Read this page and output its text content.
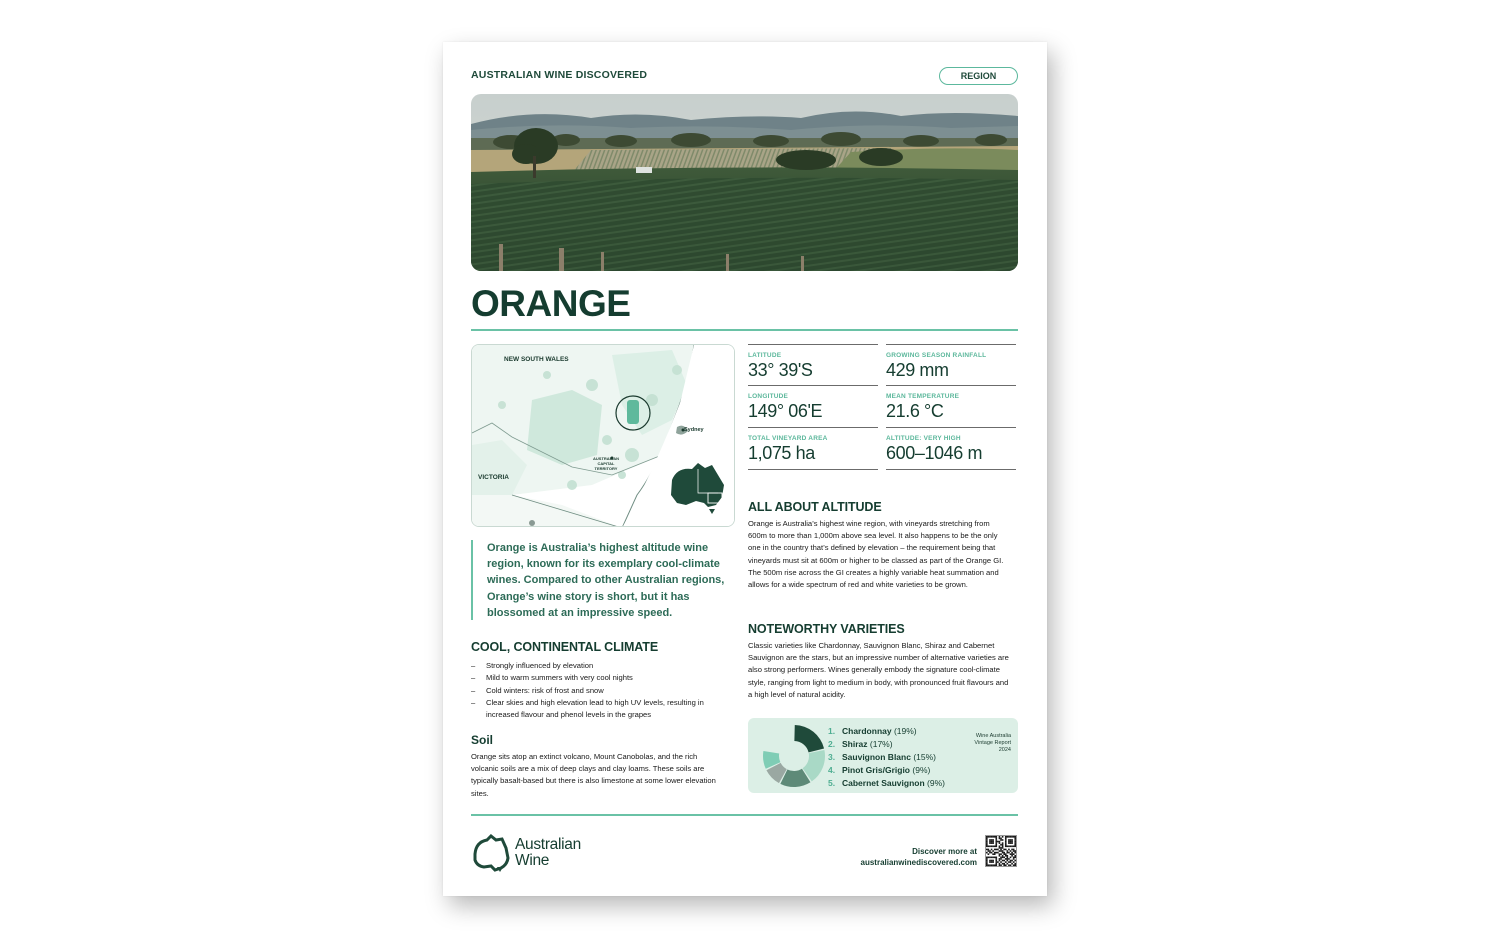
AUSTRALIAN WINE DISCOVERED	REGION
ORANGE
NEW SOUTH WALES
Sydney
AUSTRALIAN CAPITAL TERRITORY
VICTORIA
LATITUDE
33° 39'S
GROWING SEASON RAINFALL
429 mm
LONGITUDE
149° 06'E
MEAN TEMPERATURE
21.6 °C
TOTAL VINEYARD AREA
1,075 ha
ALTITUDE: VERY HIGH
600–1046 m
Orange is Australia’s highest altitude wine region, known for its exemplary cool-climate wines. Compared to other Australian regions, Orange’s wine story is short, but it has blossomed at an impressive speed.
COOL, CONTINENTAL CLIMATE
– Strongly influenced by elevation
– Mild to warm summers with very cool nights
– Cold winters: risk of frost and snow
– Clear skies and high elevation lead to high UV levels, resulting in increased flavour and phenol levels in the grapes
Soil
Orange sits atop an extinct volcano, Mount Canobolas, and the rich volcanic soils are a mix of deep clays and clay loams. These soils are typically basalt-based but there is also limestone at some lower elevation sites.
ALL ABOUT ALTITUDE
Orange is Australia’s highest wine region, with vineyards stretching from 600m to more than 1,000m above sea level. It also happens to be the only one in the country that’s defined by elevation – the requirement being that vineyards must sit at 600m or higher to be classed as part of the Orange GI. The 500m rise across the GI creates a highly variable heat summation and allows for a wide spectrum of red and white varieties to be grown.
NOTEWORTHY VARIETIES
Classic varieties like Chardonnay, Sauvignon Blanc, Shiraz and Cabernet Sauvignon are the stars, but an impressive number of alternative varieties are also strong performers. Wines generally embody the signature cool-climate style, ranging from light to medium in body, with pronounced fruit flavours and a high level of natural acidity.
1. Chardonnay (19%)
2. Shiraz (17%)
3. Sauvignon Blanc (15%)
4. Pinot Gris/Grigio (9%)
5. Cabernet Sauvignon (9%)
Wine Australia Vintage Report 2024
Australian
Wine	Discover more at
australianwinediscovered.com
